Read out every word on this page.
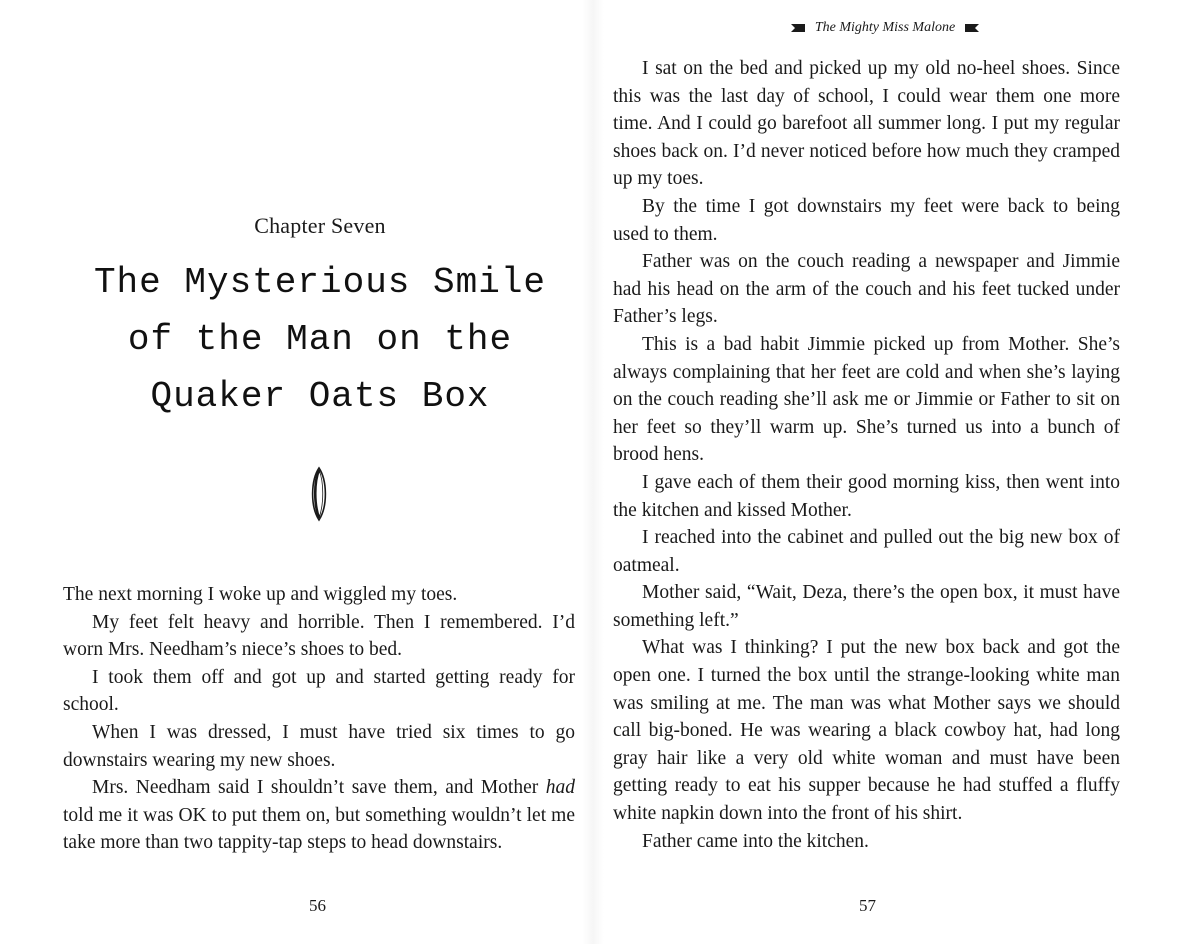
Chapter Seven
The Mysterious Smile
of the Man on the
Quaker Oats Box

The next morning I woke up and wiggled my toes.

My feet felt heavy and horrible. Then I remembered. I’d worn Mrs. Needham’s niece’s shoes to bed.

I took them off and got up and started getting ready for school.

When I was dressed, I must have tried six times to go downstairs wearing my new shoes.

Mrs. Needham said I shouldn’t save them, and Mother had told me it was OK to put them on, but something wouldn’t let me take more than two tappity-tap steps to head downstairs.

56
The Mighty Miss Malone

I sat on the bed and picked up my old no-heel shoes. Since this was the last day of school, I could wear them one more time. And I could go barefoot all summer long. I put my regular shoes back on. I’d never noticed before how much they cramped up my toes.

By the time I got downstairs my feet were back to being used to them.

Father was on the couch reading a newspaper and Jimmie had his head on the arm of the couch and his feet tucked under Father’s legs.

This is a bad habit Jimmie picked up from Mother. She’s always complaining that her feet are cold and when she’s laying on the couch reading she’ll ask me or Jimmie or Father to sit on her feet so they’ll warm up. She’s turned us into a bunch of brood hens.

I gave each of them their good morning kiss, then went into the kitchen and kissed Mother.

I reached into the cabinet and pulled out the big new box of oatmeal.

Mother said, “Wait, Deza, there’s the open box, it must have something left.”

What was I thinking? I put the new box back and got the open one. I turned the box until the strange-looking white man was smiling at me. The man was what Mother says we should call big-boned. He was wearing a black cowboy hat, had long gray hair like a very old white woman and must have been getting ready to eat his supper because he had stuffed a fluffy white napkin down into the front of his shirt.

Father came into the kitchen.

57
